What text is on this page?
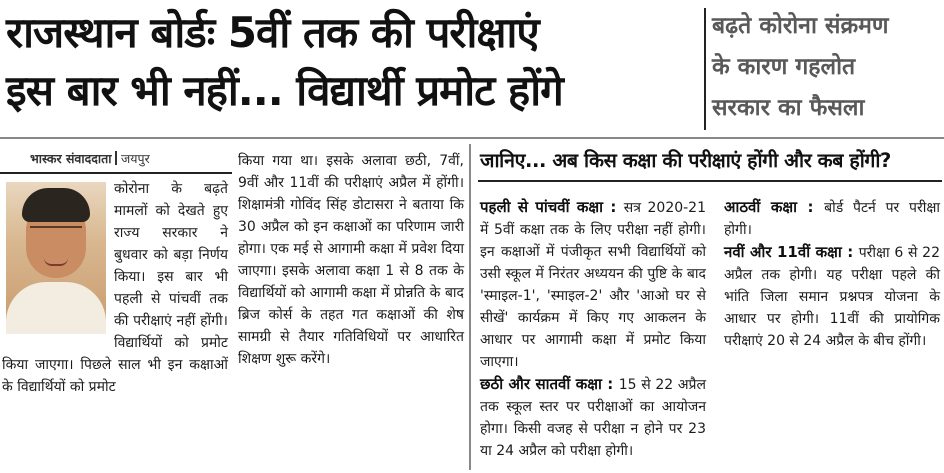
राजस्थान बोर्डः 5वीं तक की परीक्षाएं
इस बार भी नहीं... विद्यार्थी प्रमोट होंगे
बढ़ते कोरोना संक्रमण
के कारण गहलोत
सरकार का फैसला
भास्कर संवाददाता जयपुर

कोरोना के बढ़ते मामलों को देखते हुए राज्य सरकार ने बुधवार को बड़ा निर्णय किया। इस बार भी पहली से पांचवीं तक की परीक्षाएं नहीं होंगी। विद्यार्थियों को प्रमोट किया जाएगा। पिछले साल भी इन कक्षाओं के विद्यार्थियों को प्रमोट

किया गया था। इसके अलावा छठी, 7वीं, 9वीं और 11वीं की परीक्षाएं अप्रैल में होंगी। शिक्षामंत्री गोविंद सिंह डोटासरा ने बताया कि 30 अप्रैल को इन कक्षाओं का परिणाम जारी होगा। एक मई से आगामी कक्षा में प्रवेश दिया जाएगा। इसके अलावा कक्षा 1 से 8 तक के विद्यार्थियों को आगामी कक्षा में प्रोन्नति के बाद ब्रिज कोर्स के तहत गत कक्षाओं की शेष सामग्री से तैयार गतिविधियों पर आधारित शिक्षण शुरू करेंगे।

जानिए... अब किस कक्षा की परीक्षाएं होंगी और कब होंगी?

पहली से पांचवीं कक्षा : सत्र 2020-21 में 5वीं कक्षा तक के लिए परीक्षा नहीं होगी। इन कक्षाओं में पंजीकृत सभी विद्यार्थियों को उसी स्कूल में निरंतर अध्ययन की पुष्टि के बाद 'स्माइल-1', 'स्माइल-2' और 'आओ घर से सीखें' कार्यक्रम में किए गए आकलन के आधार पर आगामी कक्षा में प्रमोट किया जाएगा।

छठी और सातवीं कक्षा : 15 से 22 अप्रैल तक स्कूल स्तर पर परीक्षाओं का आयोजन होगा। किसी वजह से परीक्षा न होने पर 23 या 24 अप्रैल को परीक्षा होगी।

आठवीं कक्षा : बोर्ड पैटर्न पर परीक्षा होगी।

नवीं और 11वीं कक्षा : परीक्षा 6 से 22 अप्रैल तक होगी। यह परीक्षा पहले की भांति जिला समान प्रश्नपत्र योजना के आधार पर होगी। 11वीं की प्रायोगिक परीक्षाएं 20 से 24 अप्रैल के बीच होंगी।
